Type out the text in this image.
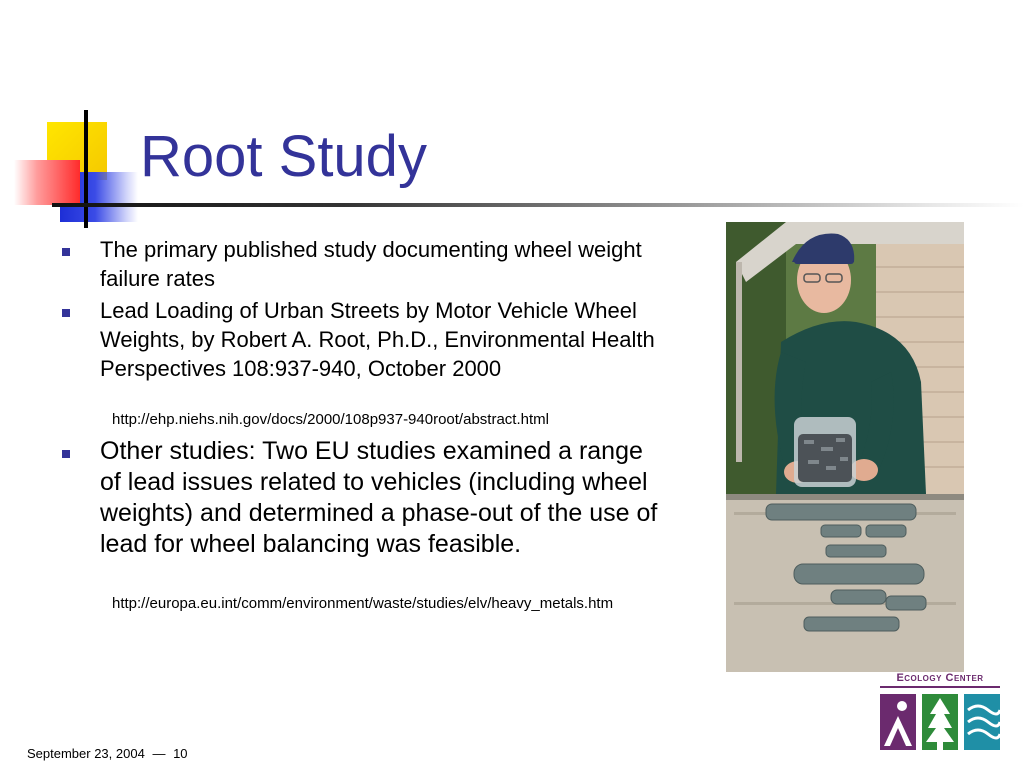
Root Study
The primary published study documenting wheel weight failure rates
Lead Loading of Urban Streets by Motor Vehicle Wheel Weights, by Robert A. Root, Ph.D., Environmental Health Perspectives 108:937-940, October 2000
http://ehp.niehs.nih.gov/docs/2000/108p937-940root/abstract.html
Other studies: Two EU studies examined a range of lead issues related to vehicles (including wheel weights) and determined a phase-out of the use of lead for wheel balancing was feasible.
http://europa.eu.int/comm/environment/waste/studies/elv/heavy_metals.htm
September 23, 2004 — 10
Ecology Center
